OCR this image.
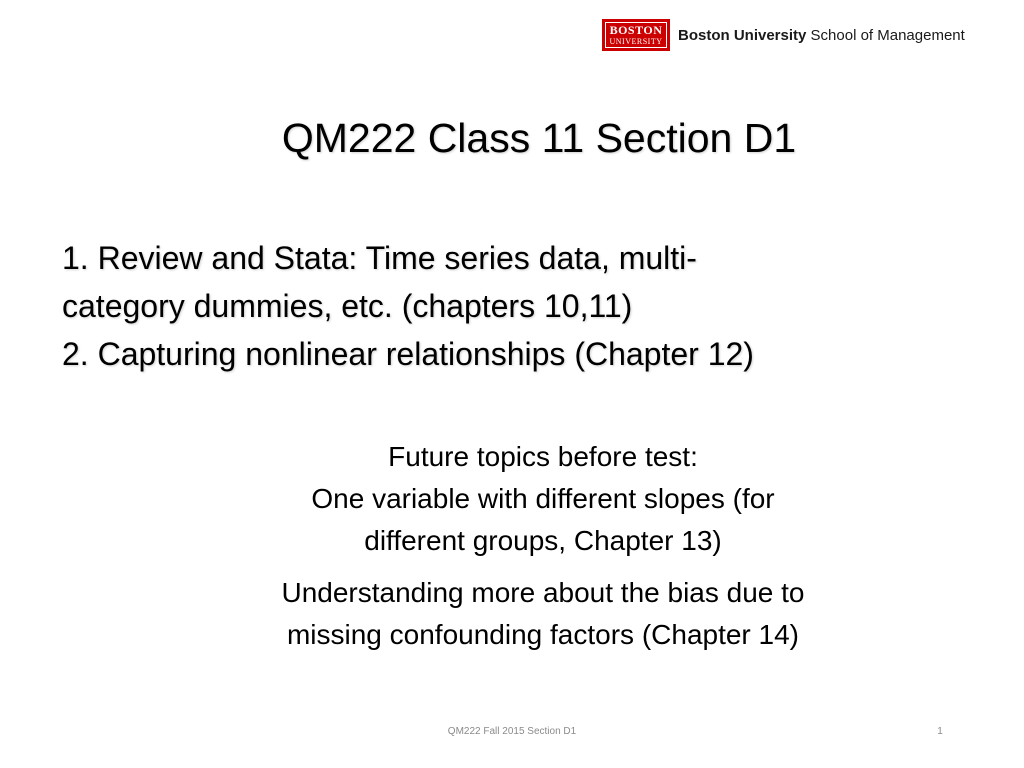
BOSTON
UNIVERSITY Boston University School of Management
QM222 Class 11 Section D1
1. Review and Stata: Time series data, multi-
category dummies, etc. (chapters 10,11)
2. Capturing nonlinear relationships (Chapter 12)
Future topics before test:
One variable with different slopes (for
different groups, Chapter 13)
Understanding more about the bias due to
missing confounding factors (Chapter 14)
QM222 Fall 2015 Section D1	1
